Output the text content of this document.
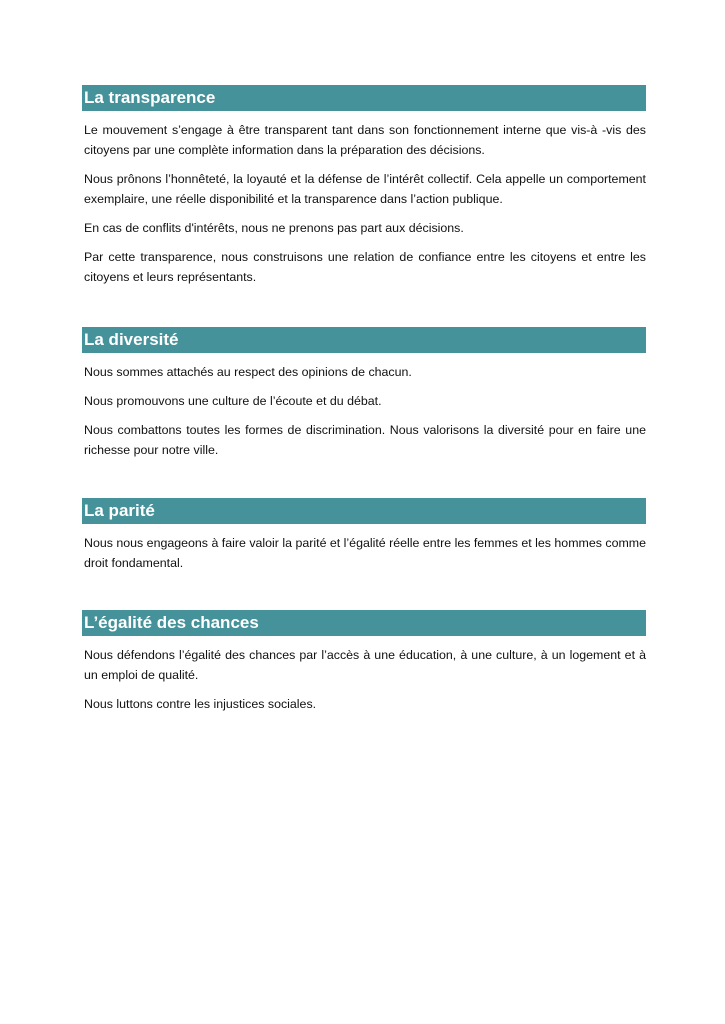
La transparence

Le mouvement s’engage à être transparent tant dans son fonctionnement interne que vis-à -vis des citoyens par une complète information dans la préparation des décisions.

Nous prônons l’honnêteté, la loyauté et la défense de l’intérêt collectif. Cela appelle un comportement exemplaire, une réelle disponibilité et la transparence dans l’action publique.

En cas de conflits d'intérêts, nous ne prenons pas part aux décisions.

Par cette transparence, nous construisons une relation de confiance entre les citoyens et entre les citoyens et leurs représentants.

La diversité

Nous sommes attachés au respect des opinions de chacun.

Nous promouvons une culture de l’écoute et du débat.

Nous combattons toutes les formes de discrimination. Nous valorisons la diversité pour en faire une richesse pour notre ville.

La parité

Nous nous engageons à faire valoir la parité et l’égalité réelle entre les femmes et les hommes comme droit fondamental.

L’égalité des chances

Nous défendons l’égalité des chances par l’accès à une éducation, à une culture, à un logement et à un emploi de qualité.

Nous luttons contre les injustices sociales.
